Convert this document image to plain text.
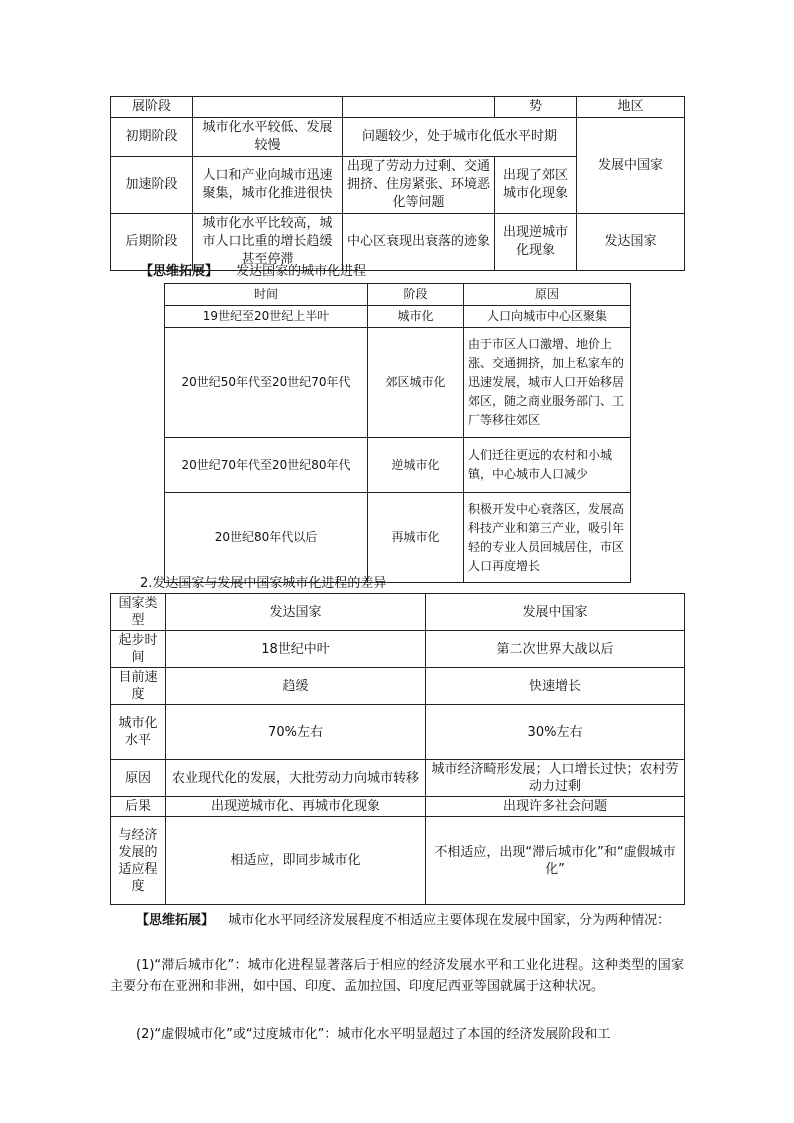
展阶段			势	地区
初期阶段	城市化水平较低、发展较慢	问题较少，处于城市化低水平时期		发展中国家
加速阶段	人口和产业向城市迅速聚集，城市化推进很快	出现了劳动力过剩、交通拥挤、住房紧张、环境恶化等问题	出现了郊区城市化现象	
后期阶段	城市化水平比较高，城市人口比重的增长趋缓甚至停滞	中心区衰现出衰落的迹象	出现逆城市化现象	发达国家
【思维拓展】 发达国家的城市化进程
时间	阶段	原因
19世纪至20世纪上半叶	城市化	人口向城市中心区聚集
20世纪50年代至20世纪70年代	郊区城市化	由于市区人口激增、地价上涨、交通拥挤，加上私家车的迅速发展，城市人口开始移居郊区，随之商业服务部门、工厂等移往郊区
20世纪70年代至20世纪80年代	逆城市化	人们迁往更远的农村和小城镇，中心城市人口减少
20世纪80年代以后	再城市化	积极开发中心衰落区，发展高科技产业和第三产业，吸引年轻的专业人员回城居住，市区人口再度增长
2.发达国家与发展中国家城市化进程的差异
国家类型	发达国家	发展中国家
起步时间	18世纪中叶	第二次世界大战以后
目前速度	趋缓	快速增长
城市化水平	70%左右	30%左右
原因	农业现代化的发展，大批劳动力向城市转移	城市经济畸形发展；人口增长过快；农村劳动力过剩
后果	出现逆城市化、再城市化现象	出现许多社会问题
与经济发展的适应程度	相适应，即同步城市化	不相适应，出现“滞后城市化”和“虚假城市化”
【思维拓展】 城市化水平同经济发展程度不相适应主要体现在发展中国家，分为两种情况：
(1)“滞后城市化”：城市化进程显著落后于相应的经济发展水平和工业化进程。这种类型的国家主要分布在亚洲和非洲，如中国、印度、孟加拉国、印度尼西亚等国就属于这种状况。
(2)“虚假城市化”或“过度城市化”：城市化水平明显超过了本国的经济发展阶段和工
